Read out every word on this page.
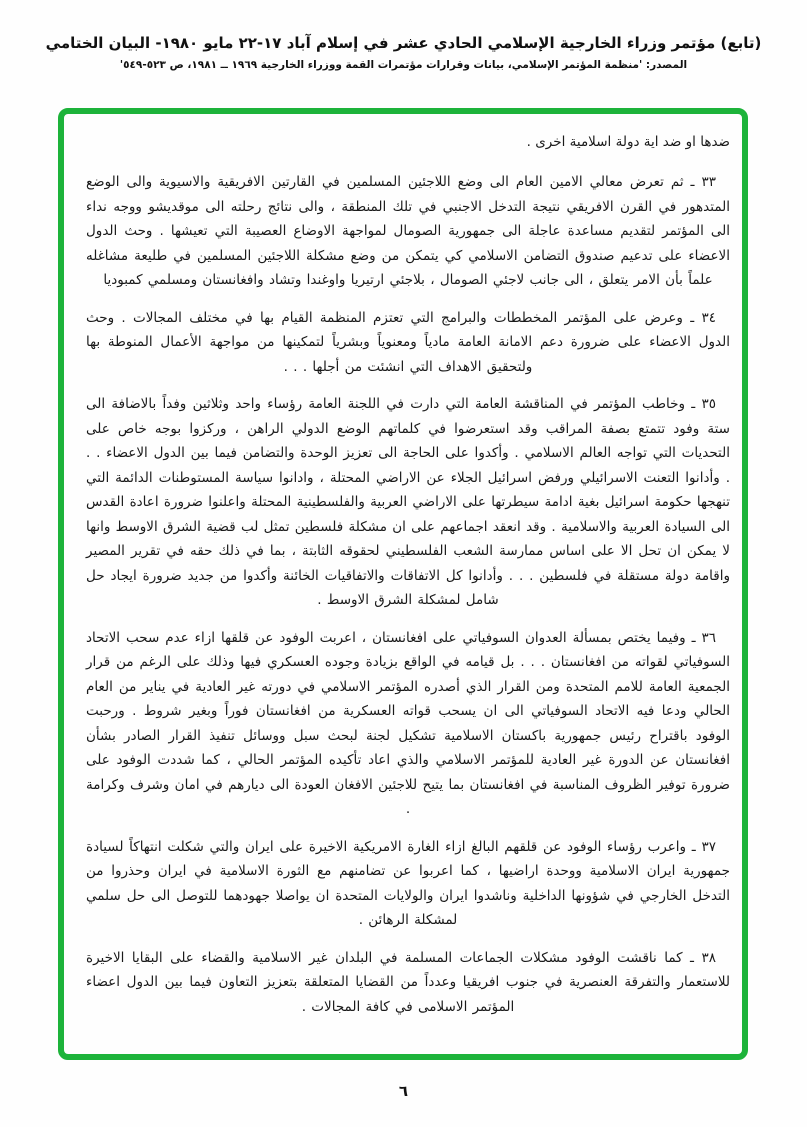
(تابع) مؤتمر وزراء الخارجية الإسلامي الحادي عشر في إسلام آباد ١٧-٢٢ مايو ١٩٨٠- البيان الختامي
المصدر: 'منظمة المؤتمر الإسلامي، بيانات وقرارات مؤتمرات القمة ووزراء الخارجية ١٩٦٩ ــ ١٩٨١، ص ٥٢٣-٥٤٩'

ضدها او ضد اية دولة اسلامية اخرى .

٣٣ ـ ثم تعرض معالي الامين العام الى وضع اللاجئين المسلمين في القارتين الافريقية والاسيوية والى الوضع المتدهور في القرن الافريقي نتيجة التدخل الاجنبي في تلك المنطقة ، والى نتائج رحلته الى موقديشو ووجه نداء الى المؤتمر لتقديم مساعدة عاجلة الى جمهورية الصومال لمواجهة الاوضاع العصيبة التي تعيشها . وحث الدول الاعضاء على تدعيم صندوق التضامن الاسلامي كي يتمكن من وضع مشكلة اللاجئين المسلمين في طليعة مشاغله علماً بأن الامر يتعلق ، الى جانب لاجئي الصومال ، بلاجئي ارتيريا واوغندا وتشاد وافغانستان ومسلمي كمبوديا

٣٤ ـ وعرض على المؤتمر المخططات والبرامج التي تعتزم المنظمة القيام بها في مختلف المجالات . وحث الدول الاعضاء على ضرورة دعم الامانة العامة مادياً ومعنوياً وبشرياً لتمكينها من مواجهة الأعمال المنوطة بها ولتحقيق الاهداف التي انشئت من أجلها . . .

٣٥ ـ وخاطب المؤتمر في المناقشة العامة التي دارت في اللجنة العامة رؤساء واحد وثلاثين وفداً بالاضافة الى ستة وفود تتمتع بصفة المراقب وقد استعرضوا في كلماتهم الوضع الدولي الراهن ، وركزوا بوجه خاص على التحديات التي تواجه العالم الاسلامي . وأكدوا على الحاجة الى تعزيز الوحدة والتضامن فيما بين الدول الاعضاء . . . وأدانوا التعنت الاسرائيلي ورفض اسرائيل الجلاء عن الاراضي المحتلة ، وادانوا سياسة المستوطنات الدائمة التي تنهجها حكومة اسرائيل بغية ادامة سيطرتها على الاراضي العربية والفلسطينية المحتلة واعلنوا ضرورة اعادة القدس الى السيادة العربية والاسلامية . وقد انعقد اجماعهم على ان مشكلة فلسطين تمثل لب قضية الشرق الاوسط وانها لا يمكن ان تحل الا على اساس ممارسة الشعب الفلسطيني لحقوقه الثابتة ، بما في ذلك حقه في تقرير المصير واقامة دولة مستقلة في فلسطين . . . وأدانوا كل الاتفاقات والاتفاقيات الخائنة وأكدوا من جديد ضرورة ايجاد حل شامل لمشكلة الشرق الاوسط .

٣٦ ـ وفيما يختص بمسألة العدوان السوفياتي على افغانستان ، اعربت الوفود عن قلقها ازاء عدم سحب الاتحاد السوفياتي لقواته من افغانستان . . . بل قيامه في الواقع بزيادة وجوده العسكري فيها وذلك على الرغم من قرار الجمعية العامة للامم المتحدة ومن القرار الذي أصدره المؤتمر الاسلامي في دورته غير العادية في يناير من العام الحالي ودعا فيه الاتحاد السوفياتي الى ان يسحب قواته العسكرية من افغانستان فوراً وبغير شروط . ورحبت الوفود باقتراح رئيس جمهورية باكستان الاسلامية تشكيل لجنة لبحث سبل ووسائل تنفيذ القرار الصادر بشأن افغانستان عن الدورة غير العادية للمؤتمر الاسلامي والذي اعاد تأكيده المؤتمر الحالي ، كما شددت الوفود على ضرورة توفير الظروف المناسبة في افغانستان بما يتيح للاجئين الافغان العودة الى ديارهم في امان وشرف وكرامة .

٣٧ ـ واعرب رؤساء الوفود عن قلقهم البالغ ازاء الغارة الامريكية الاخيرة على ايران والتي شكلت انتهاكاً لسيادة جمهورية ايران الاسلامية ووحدة اراضيها ، كما اعربوا عن تضامنهم مع الثورة الاسلامية في ايران وحذروا من التدخل الخارجي في شؤونها الداخلية وناشدوا ايران والولايات المتحدة ان يواصلا جهودهما للتوصل الى حل سلمي لمشكلة الرهائن .

٣٨ ـ كما ناقشت الوفود مشكلات الجماعات المسلمة في البلدان غير الاسلامية والقضاء على البقايا الاخيرة للاستعمار والتفرقة العنصرية في جنوب افريقيا وعدداً من القضايا المتعلقة بتعزيز التعاون فيما بين الدول اعضاء المؤتمر الاسلامى في كافة المجالات .

٦
